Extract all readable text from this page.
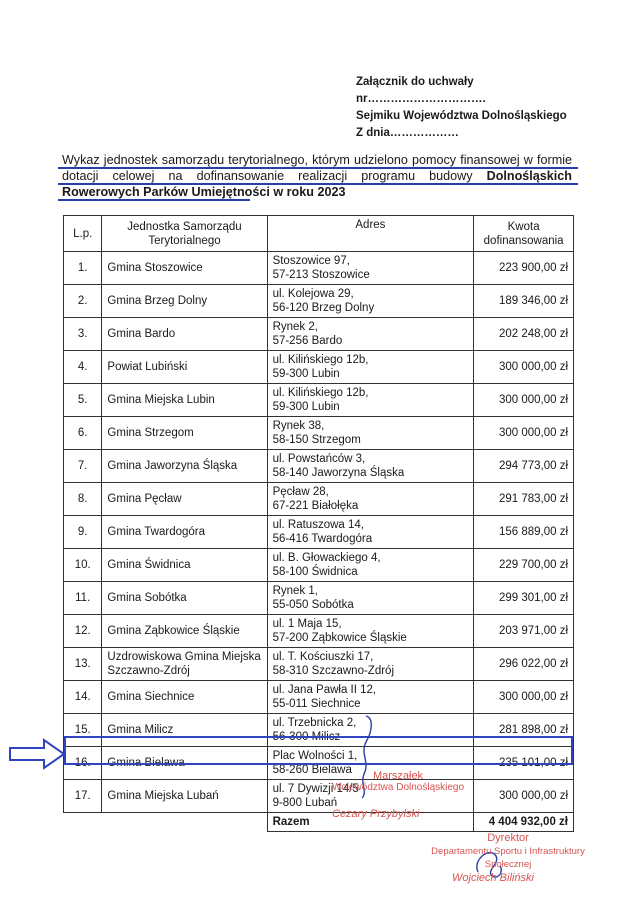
Załącznik do uchwały
nr………………………….
Sejmiku Województwa Dolnośląskiego
Z dnia………………
Wykaz jednostek samorządu terytorialnego, którym udzielono pomocy finansowej w formie dotacji celowej na dofinansowanie realizacji programu budowy Dolnośląskich Rowerowych Parków Umiejętności w roku 2023
L.p.	Jednostka Samorządu Terytorialnego	Adres	Kwota dofinansowania
1.	Gmina Stoszowice	Stoszowice 97,
57-213 Stoszowice	223 900,00 zł
2.	Gmina Brzeg Dolny	ul. Kolejowa 29,
56-120 Brzeg Dolny	189 346,00 zł
3.	Gmina Bardo	Rynek 2,
57-256 Bardo	202 248,00 zł
4.	Powiat Lubiński	ul. Kilińskiego 12b,
59-300 Lubin	300 000,00 zł
5.	Gmina Miejska Lubin	ul. Kilińskiego 12b,
59-300 Lubin	300 000,00 zł
6.	Gmina Strzegom	Rynek 38,
58-150 Strzegom	300 000,00 zł
7.	Gmina Jaworzyna Śląska	ul. Powstańców 3,
58-140 Jaworzyna Śląska	294 773,00 zł
8.	Gmina Pęcław	Pęcław 28,
67-221 Białołęka	291 783,00 zł
9.	Gmina Twardogóra	ul. Ratuszowa 14,
56-416 Twardogóra	156 889,00 zł
10.	Gmina Świdnica	ul. B. Głowackiego 4,
58-100 Świdnica	229 700,00 zł
11.	Gmina Sobótka	Rynek 1,
55-050 Sobótka	299 301,00 zł
12.	Gmina Ząbkowice Śląskie	ul. 1 Maja 15,
57-200 Ząbkowice Śląskie	203 971,00 zł
13.	Uzdrowiskowa Gmina Miejska Szczawno-Zdrój	ul. T. Kościuszki 17,
58-310 Szczawno-Zdrój	296 022,00 zł
14.	Gmina Siechnice	ul. Jana Pawła II 12,
55-011 Siechnice	300 000,00 zł
15.	Gmina Milicz	ul. Trzebnicka 2,
56-300 Milicz	281 898,00 zł
16.	Gmina Bielawa	Plac Wolności 1,
58-260 Bielawa	235 101,00 zł
17.	Gmina Miejska Lubań	ul. 7 Dywizji 14/5
9-800 Lubań	300 000,00 zł
		Razem	4 404 932,00 zł
Marszałek
Województwa Dolnośląskiego
Cezary Przybylski
Dyrektor
Departamentu Sportu i Infrastruktury Społecznej
Wojciech Biliński
